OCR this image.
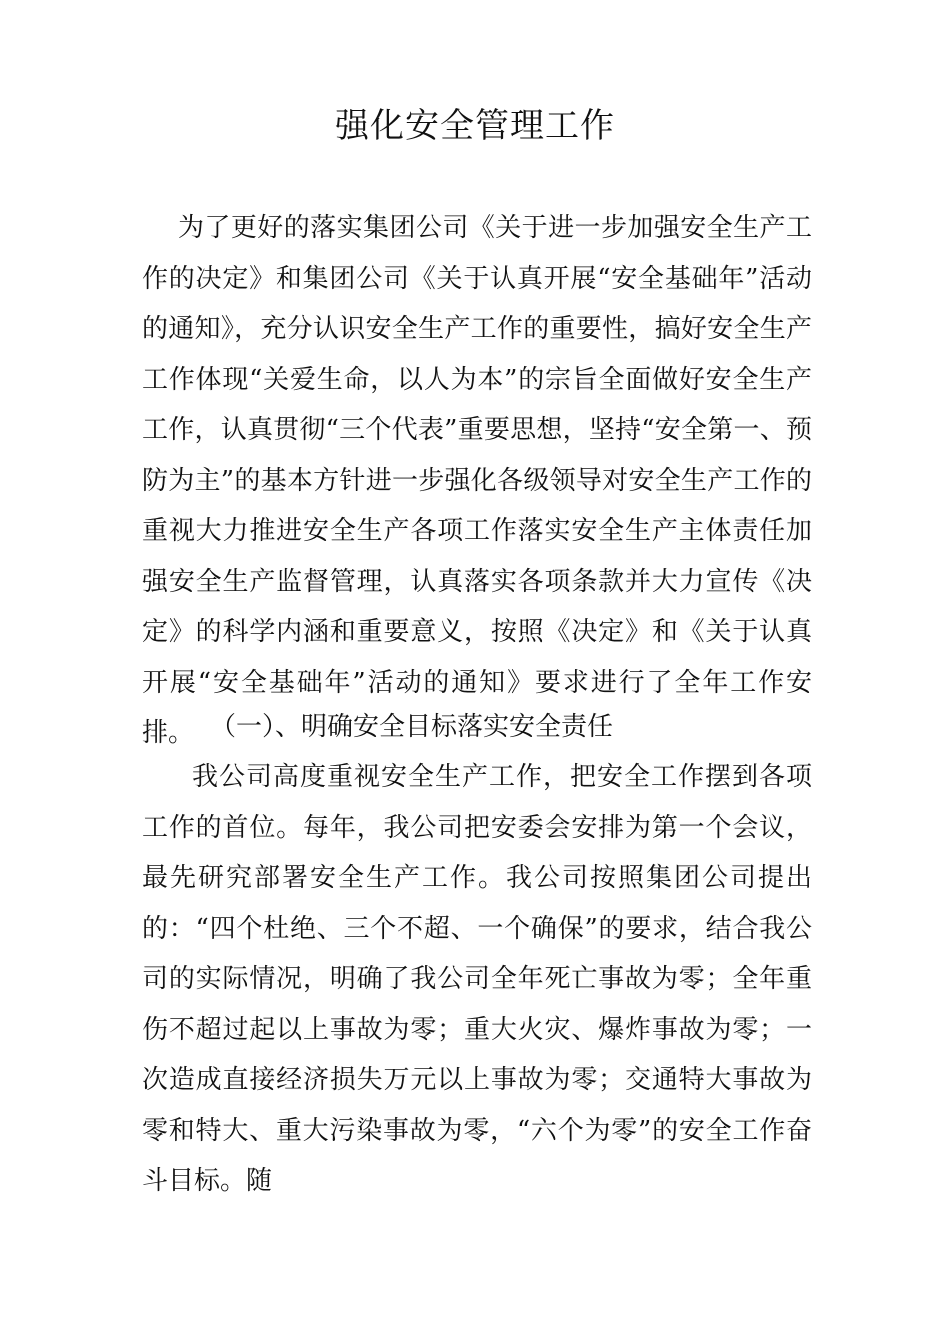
强化安全管理工作

为了更好的落实集团公司《关于进一步加强安全生产工作的决定》和集团公司《关于认真开展“安全基础年”活动的通知》，充分认识安全生产工作的重要性，搞好安全生产工作体现“关爱生命，以人为本”的宗旨全面做好安全生产工作，认真贯彻“三个代表”重要思想，坚持“安全第一、预防为主”的基本方针进一步强化各级领导对安全生产工作的重视大力推进安全生产各项工作落实安全生产主体责任加强安全生产监督管理，认真落实各项条款并大力宣传《决定》的科学内涵和重要意义，按照《决定》和《关于认真开展“安全基础年”活动的通知》要求进行了全年工作安排。 （一）、明确安全目标落实安全责任

我公司高度重视安全生产工作，把安全工作摆到各项工作的首位。每年，我公司把安委会安排为第一个会议，最先研究部署安全生产工作。我公司按照集团公司提出的：“四个杜绝、三个不超、一个确保”的要求，结合我公司的实际情况，明确了我公司全年死亡事故为零；全年重伤不超过起以上事故为零；重大火灾、爆炸事故为零；一次造成直接经济损失万元以上事故为零；交通特大事故为零和特大、重大污染事故为零，“六个为零”的安全工作奋斗目标。随
